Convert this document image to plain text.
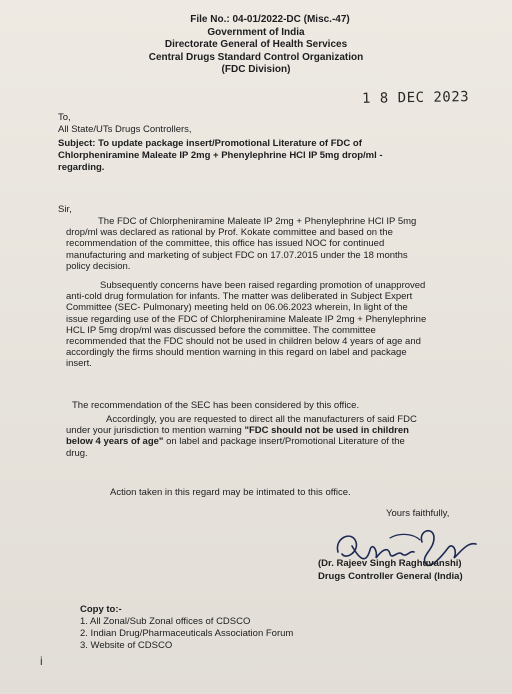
File No.: 04-01/2022-DC (Misc.-47)
Government of India
Directorate General of Health Services
Central Drugs Standard Control Organization
(FDC Division)
1 8 DEC 2023
To,
All State/UTs Drugs Controllers,
Subject: To update package insert/Promotional Literature of FDC of
Chlorpheniramine Maleate IP 2mg + Phenylephrine HCl IP 5mg drop/ml -
regarding.
Sir,
The FDC of Chlorpheniramine Maleate IP 2mg + Phenylephrine HCl IP 5mg
drop/ml was declared as rational by Prof. Kokate committee and based on the
recommendation of the committee, this office has issued NOC for continued
manufacturing and marketing of subject FDC on 17.07.2015 under the 18 months
policy decision.
Subsequently concerns have been raised regarding promotion of unapproved
anti-cold drug formulation for infants. The matter was deliberated in Subject Expert
Committee (SEC- Pulmonary) meeting held on 06.06.2023 wherein, In light of the
issue regarding use of the FDC of Chlorpheniramine Maleate IP 2mg + Phenylephrine
HCL IP 5mg drop/ml was discussed before the committee. The committee
recommended that the FDC should not be used in children below 4 years of age and
accordingly the firms should mention warning in this regard on label and package
insert.
The recommendation of the SEC has been considered by this office.
Accordingly, you are requested to direct all the manufacturers of said FDC
under your jurisdiction to mention warning "FDC should not be used in children
below 4 years of age" on label and package insert/Promotional Literature of the
drug.
Action taken in this regard may be intimated to this office.
Yours faithfully,
(Dr. Rajeev Singh Raghuvanshi)
Drugs Controller General (India)
Copy to:-
1. All Zonal/Sub Zonal offices of CDSCO
2. Indian Drug/Pharmaceuticals Association Forum
3. Website of CDSCO
i
